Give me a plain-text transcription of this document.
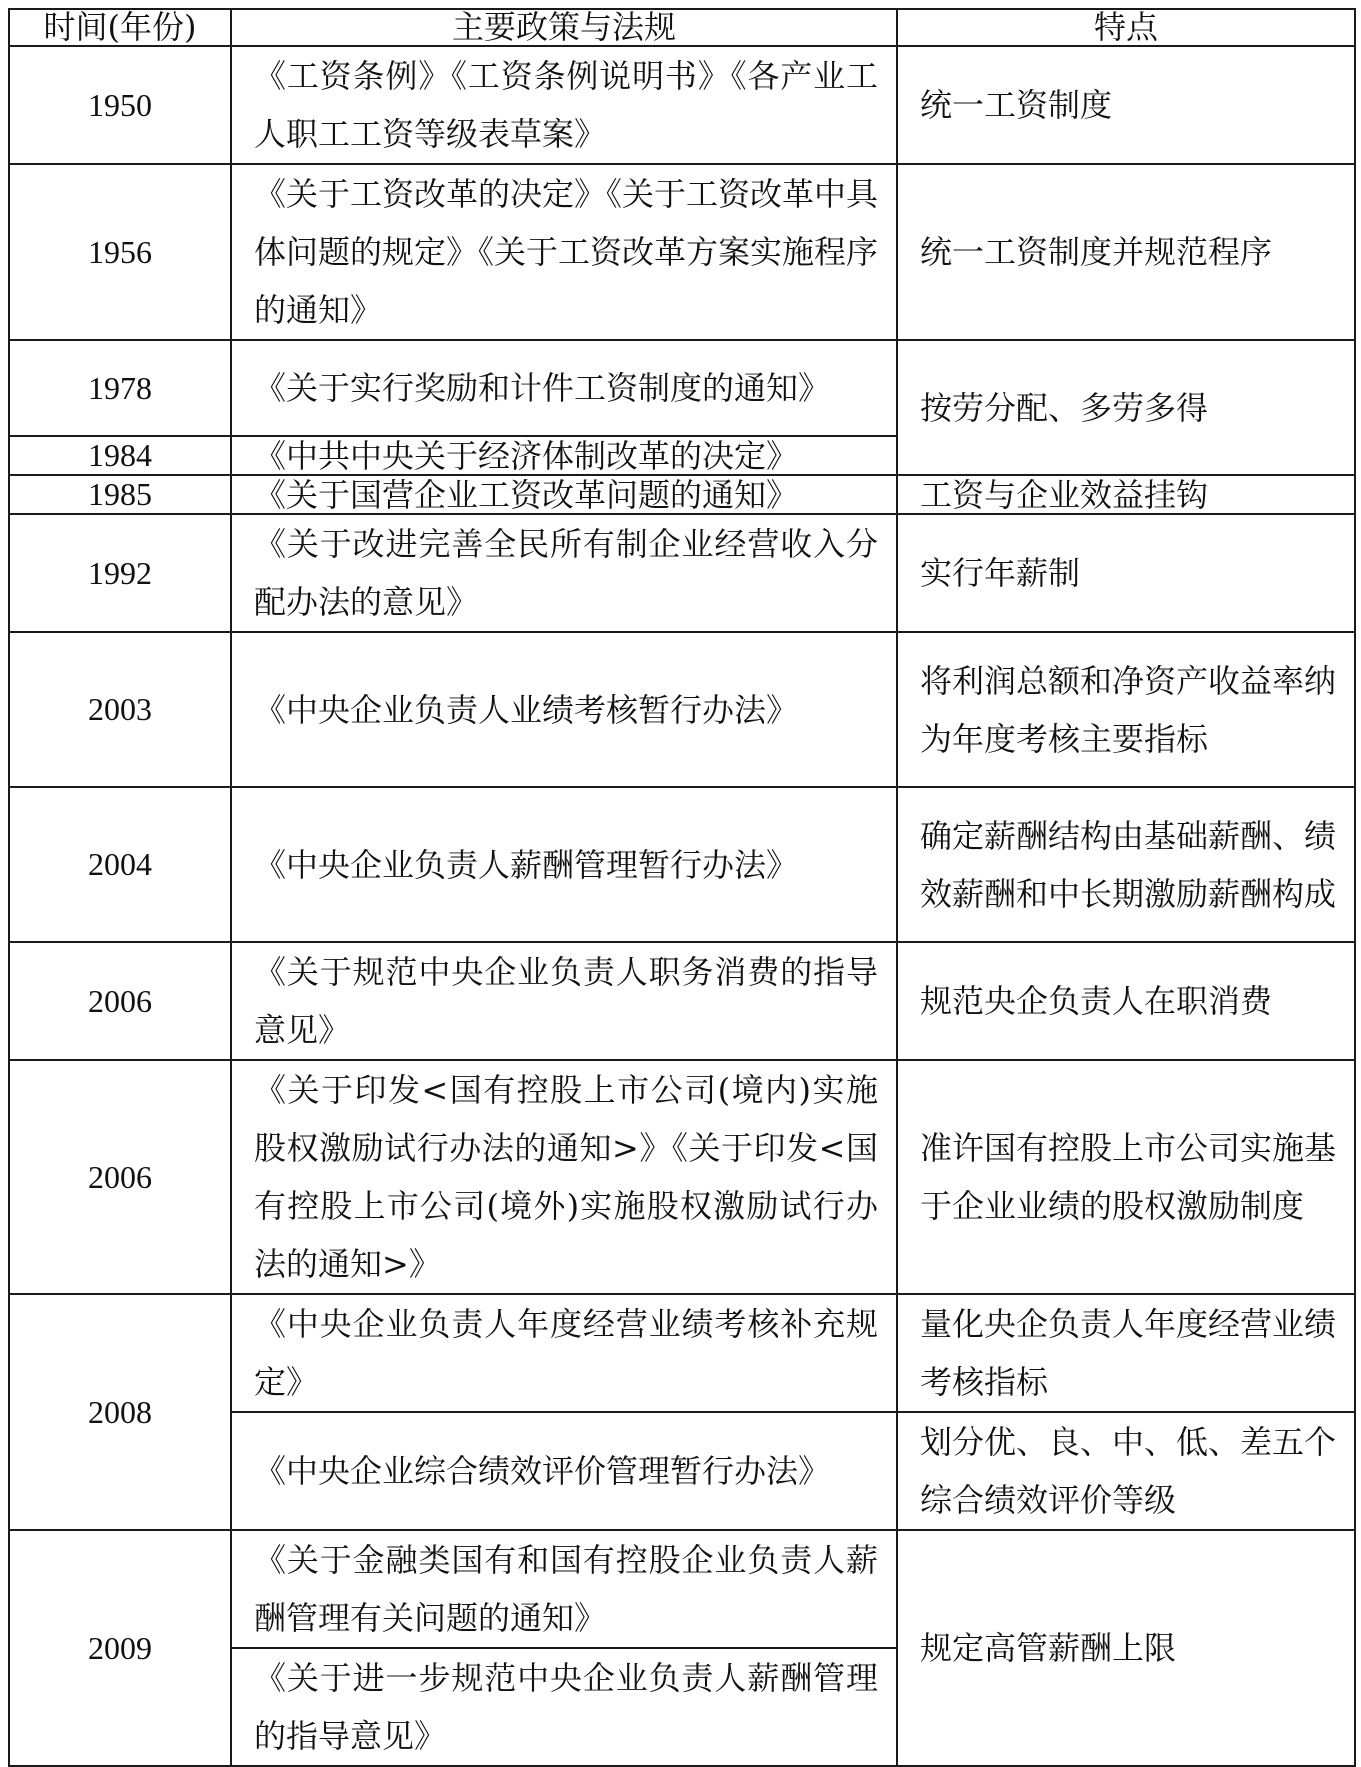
时间(年份)	主要政策与法规	特点
1950	《工资条例》《工资条例说明书》《各产业工人职工工资等级表草案》	统一工资制度

1956	《关于工资改革的决定》《关于工资改革中具体问题的规定》《关于工资改革方案实施程序的通知》	统一工资制度并规范程序

1978	《关于实行奖励和计件工资制度的通知》	按劳分配、多劳多得

1984	《中共中央关于经济体制改革的决定》	

1985	《关于国营企业工资改革问题的通知》	工资与企业效益挂钩

1992	《关于改进完善全民所有制企业经营收入分配办法的意见》	实行年薪制

2003	《中央企业负责人业绩考核暂行办法》	将利润总额和净资产收益率纳为年度考核主要指标

2004	《中央企业负责人薪酬管理暂行办法》	确定薪酬结构由基础薪酬、绩效薪酬和中长期激励薪酬构成

2006	《关于规范中央企业负责人职务消费的指导意见》	规范央企负责人在职消费

2006	《关于印发<国有控股上市公司(境内)实施股权激励试行办法的通知>》《关于印发<国有控股上市公司(境外)实施股权激励试行办法的通知>》	准许国有控股上市公司实施基于企业业绩的股权激励制度

2008	《中央企业负责人年度经营业绩考核补充规定》	量化央企负责人年度经营业绩考核指标

	《中央企业综合绩效评价管理暂行办法》	划分优、良、中、低、差五个综合绩效评价等级

2009	《关于金融类国有和国有控股企业负责人薪酬管理有关问题的通知》	规定高管薪酬上限

	《关于进一步规范中央企业负责人薪酬管理的指导意见》	
